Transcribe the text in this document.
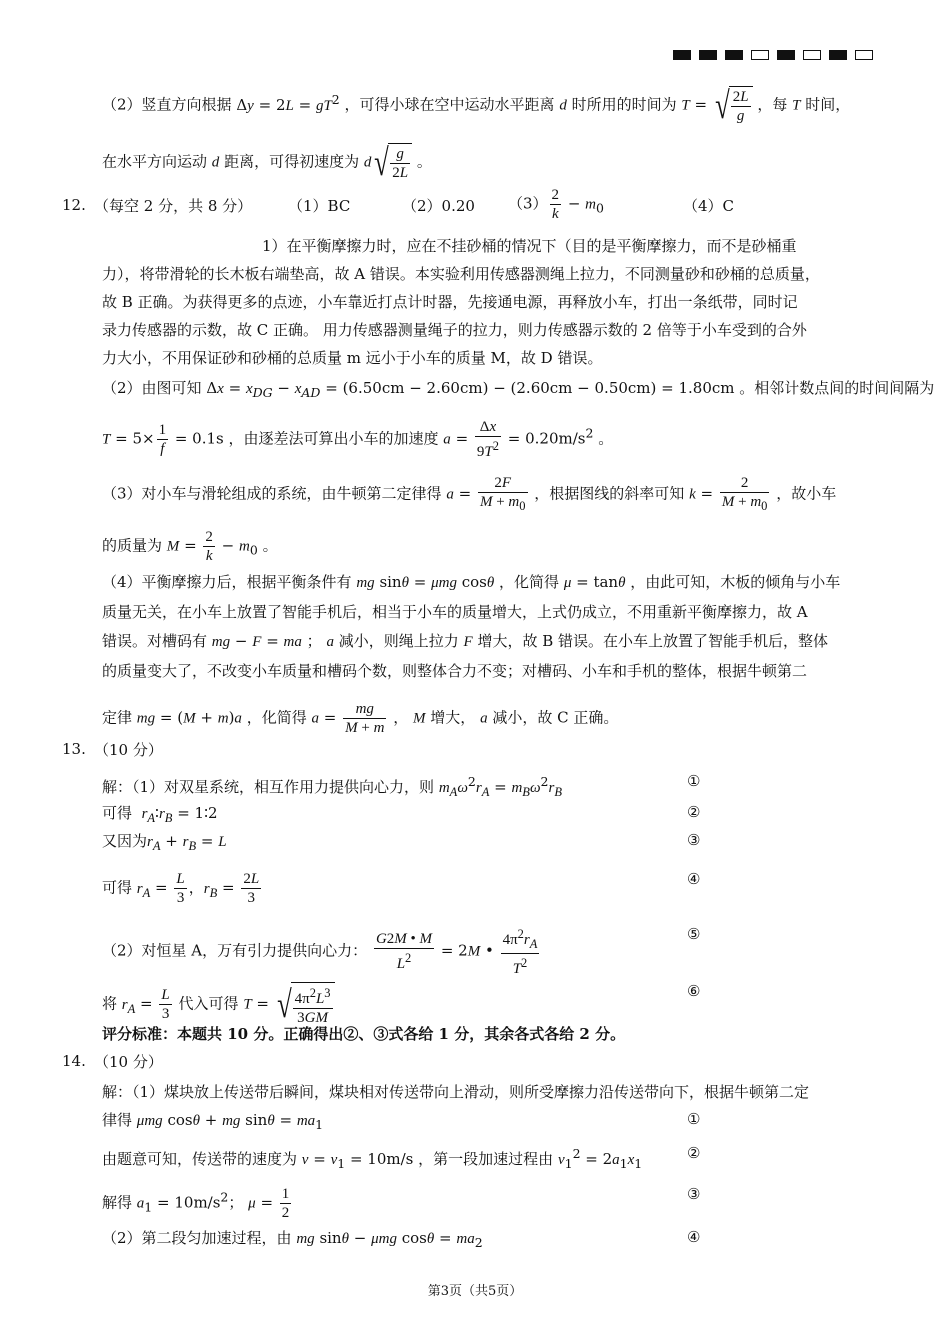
（2）竖直方向根据 $\Delta y = 2L = gT^2$ ，可得小球在空中运动水平距离 d 时所用的时间为 T = √ $\frac{2L}{g}$ ，每 T 时间，
在水平方向运动 d 距离，可得初速度为 d √ $\frac{g}{2L}$ 。
12. （每空 2 分，共 8 分） （1）BC	（2）0.20 $(3) \frac{2}{k} - m_0$	（4）C
1）在平衡摩擦力时，应在不挂砂桶的情况下（目的是平衡摩擦力，而不是砂桶重
力），将带滑轮的长木板右端垫高，故 A 错误。本实验利用传感器测绳上拉力，不同测量砂和砂桶的总质量，
故 B 正确。为获得更多的点迹，小车靠近打点计时器，先接通电源，再释放小车，打出一条纸带，同时记
录力传感器的示数，故 C 正确。 用力传感器测量绳子的拉力，则力传感器示数的 2 倍等于小车受到的合外
力大小，不用保证砂和砂桶的总质量 m 远小于小车的质量 M，故 D 错误。
（2）由图可知 $\Delta x = x_{DG} - x_{AD} = (6.50cm - 2.60cm) - (2.60cm - 0.50cm) = 1.80cm$ 。相邻计数点间的时间间隔为
$T = 5\times \frac{1}{f} = 0.1s$ ，由逐差法可算出小车的加速度 $a = \frac{\Delta x}{9T^2} = 0.20m/s^2$ 。
（3）对小车与滑轮组成的系统，由牛顿第二定律得 $a = \frac{2F}{M + m_0}$ ，根据图线的斜率可知 $k = \frac{2}{M + m_0}$ ，故小车
的质量为 $M = \frac{2}{k} - m_0$ 。
（4）平衡摩擦力后，根据平衡条件有 mg sinθ = μmg cosθ ，化简得 μ = tanθ ，由此可知，木板的倾角与小车
质量无关，在小车上放置了智能手机后，相当于小车的质量增大，上式仍成立，不用重新平衡摩擦力，故 A
错误。对槽码有 mg − F = ma ； a 减小，则绳上拉力 F 增大，故 B 错误。在小车上放置了智能手机后，整体
的质量变大了，不改变小车质量和槽码个数，则整体合力不变；对槽码、小车和手机的整体，根据牛顿第二
定律 mg = (M + m)a ，化简得 $a = \frac{mg}{M + m}$ ， M 增大， a 减小，故 C 正确。
13. （10 分）
解：（1）对双星系统，相互作用力提供向心力，则 $m_A\omega^2r_A = m_B\omega^2r_B$
①
可得 $r_A∶r_B$ = 1∶2	②
又因为$r_A + r_B = L$	③
可得 $r_A = \frac{L}{3}$ ，$r_B = \frac{2L}{3}$	④
（2）对恒星 A，万有引力提供向心力： $\frac{G2M • M}{L^2} = 2M$ • $\frac{4\pi^2r_A}{T^2}$	⑤
将 $r_A = \frac{L}{3}$ 代入可得 T = √ $\frac{4\pi^2L^3}{3GM}$	⑥
评分标准：本题共 10 分。正确得出②、③式各给 1 分，其余各式各给 2 分。
14. （10 分）
解：（1）煤块放上传送带后瞬间，煤块相对传送带向上滑动，则所受摩擦力沿传送带向下，根据牛顿第二定
律得 μmg cosθ + mg $\sin\theta = ma_1$	①
由题意可知，传送带的速度为 $v = v_1 = 10m/s$ ，第一段加速过程由 $v_1^2 = 2a_1x_1$
②
解得 $a_1 = 10m/s^2$； $\mu = \frac{1}{2}$	③
（2）第二段匀加速过程，由 mg sinθ − μmg $\cos\theta = ma_2$	④
第3页（共5页）
